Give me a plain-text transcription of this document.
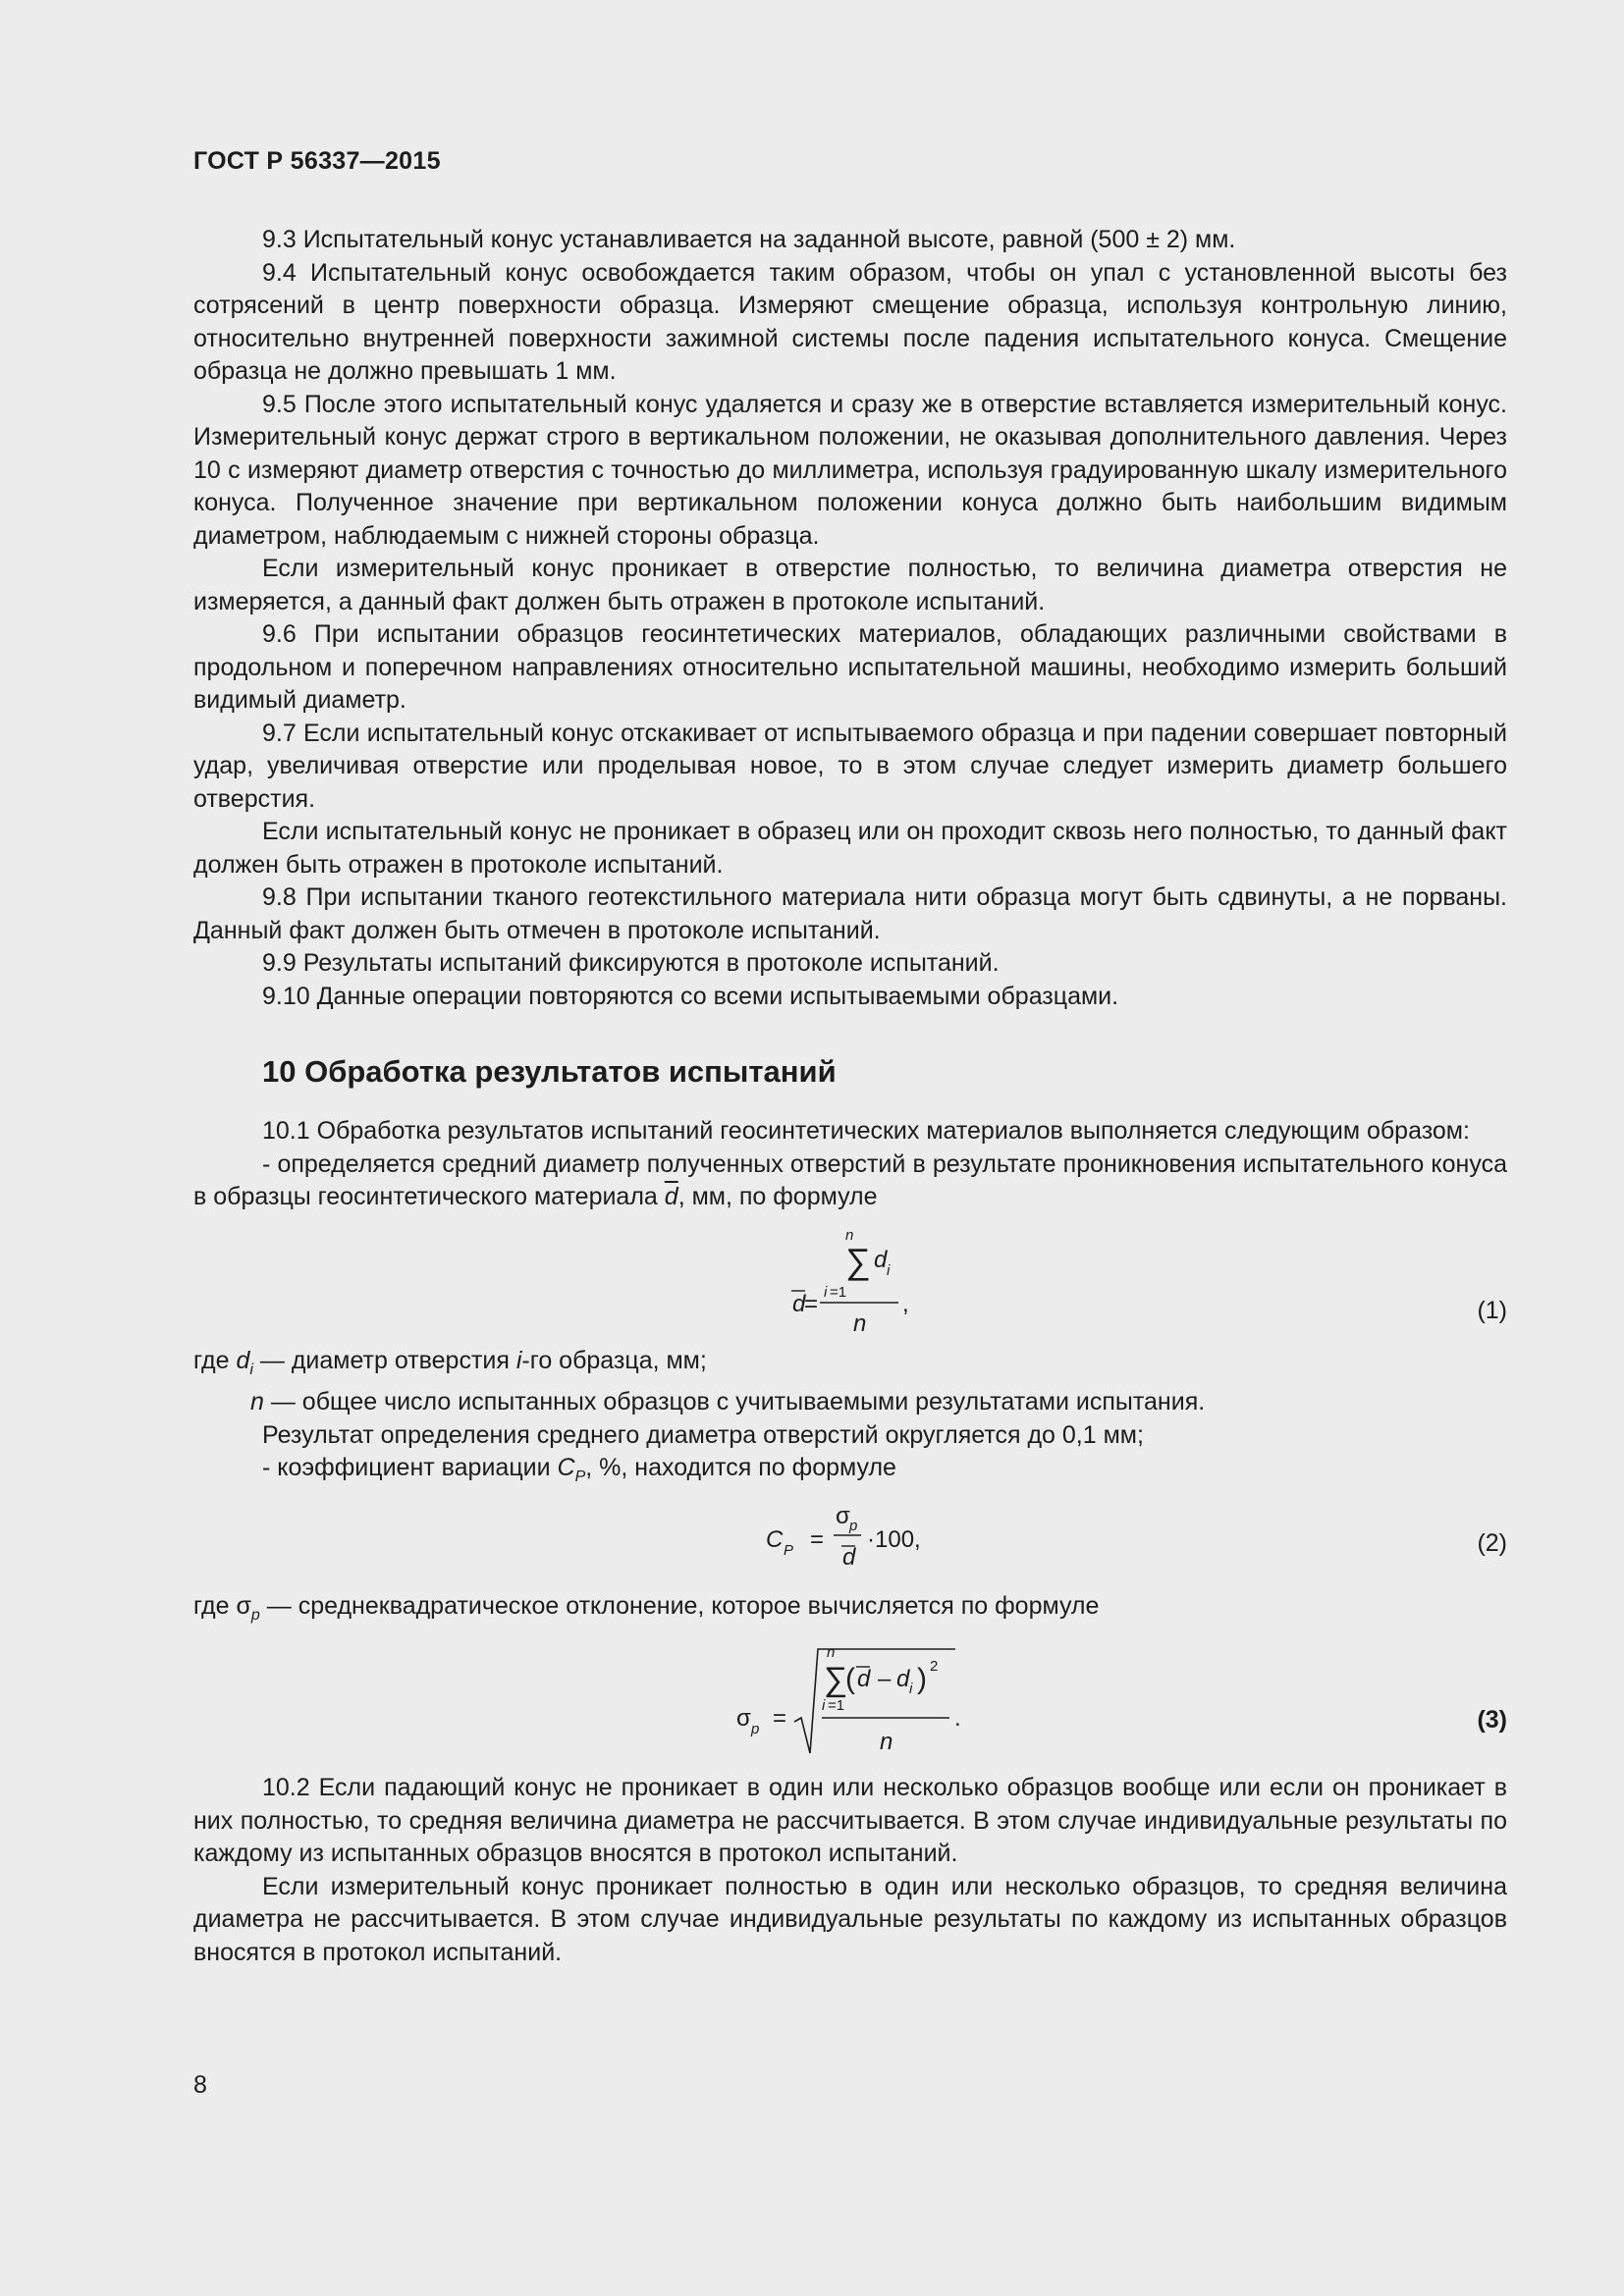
ГОСТ Р 56337—2015

9.3 Испытательный конус устанавливается на заданной высоте, равной (500 ± 2) мм.

9.4 Испытательный конус освобождается таким образом, чтобы он упал с установленной высоты без сотрясений в центр поверхности образца. Измеряют смещение образца, используя контрольную линию, относительно внутренней поверхности зажимной системы после падения испытательного конуса. Смещение образца не должно превышать 1 мм.

9.5 После этого испытательный конус удаляется и сразу же в отверстие вставляется измерительный конус. Измерительный конус держат строго в вертикальном положении, не оказывая дополнительного давления. Через 10 с измеряют диаметр отверстия с точностью до миллиметра, используя градуированную шкалу измерительного конуса. Полученное значение при вертикальном положении конуса должно быть наибольшим видимым диаметром, наблюдаемым с нижней стороны образца.

Если измерительный конус проникает в отверстие полностью, то величина диаметра отверстия не измеряется, а данный факт должен быть отражен в протоколе испытаний.

9.6 При испытании образцов геосинтетических материалов, обладающих различными свойствами в продольном и поперечном направлениях относительно испытательной машины, необходимо измерить больший видимый диаметр.

9.7 Если испытательный конус отскакивает от испытываемого образца и при падении совершает повторный удар, увеличивая отверстие или проделывая новое, то в этом случае следует измерить диаметр большего отверстия.

Если испытательный конус не проникает в образец или он проходит сквозь него полностью, то данный факт должен быть отражен в протоколе испытаний.

9.8 При испытании тканого геотекстильного материала нити образца могут быть сдвинуты, а не порваны. Данный факт должен быть отмечен в протоколе испытаний.

9.9 Результаты испытаний фиксируются в протоколе испытаний.

9.10 Данные операции повторяются со всеми испытываемыми образцами.

10 Обработка результатов испытаний

10.1 Обработка результатов испытаний геосинтетических материалов выполняется следующим образом:

- определяется средний диаметр полученных отверстий в результате проникновения испытательного конуса в образцы геосинтетического материала $\overline{d}$, мм, по формуле

n
∑ d i
i =1
n
d
=	,	(1)
где $d_i$ — диаметр отверстия i-го образца, мм;
n — общее число испытанных образцов с учитываемыми результатами испытания.

Результат определения среднего диаметра отверстий округляется до 0,1 мм;

- коэффициент вариации $C_P$, %, находится по формуле

C P =
σ p
d
·100,	(2)
где $\sigma_p$ — среднеквадратическое отклонение, которое вычисляется по формуле
σ p =
n
∑
i =1
( d – d i ) 2
n
.	(3)

10.2 Если падающий конус не проникает в один или несколько образцов вообще или если он проникает в них полностью, то средняя величина диаметра не рассчитывается. В этом случае индивидуальные результаты по каждому из испытанных образцов вносятся в протокол испытаний.

Если измерительный конус проникает полностью в один или несколько образцов, то средняя величина диаметра не рассчитывается. В этом случае индивидуальные результаты по каждому из испытанных образцов вносятся в протокол испытаний.

8
